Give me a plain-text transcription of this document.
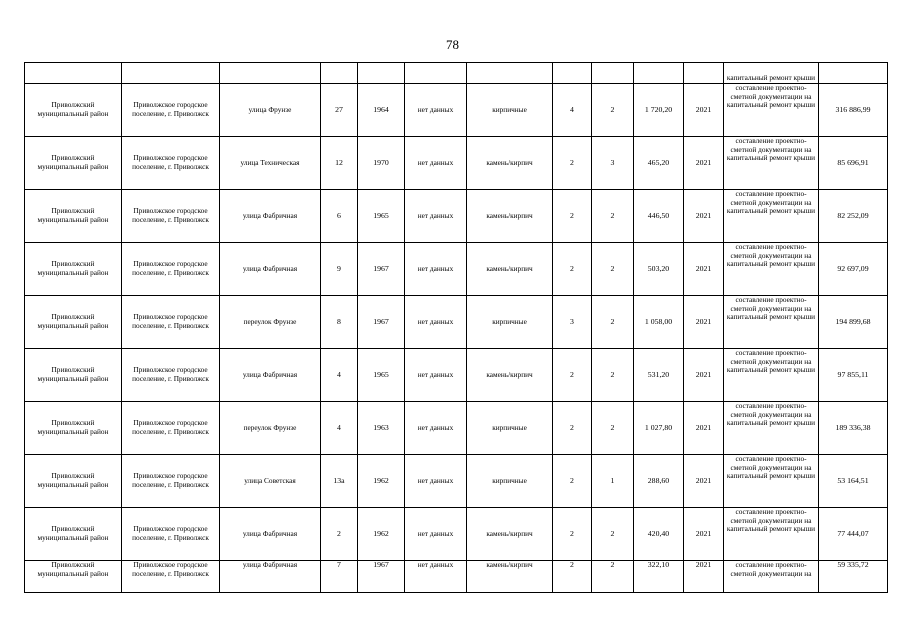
78
											капитальный ремонт крыши	
Приволжский муниципальный район	Приволжское городское поселение, г. Приволжск	улица Фрунзе	27	1964	нет данных	кирпичные	4	2	1 720,20	2021	составление проектно-сметной документации на капитальный ремонт крыши	316 886,99
Приволжский муниципальный район	Приволжское городское поселение, г. Приволжск	улица Техническая	12	1970	нет данных	камень/кирпич	2	3	465,20	2021	составление проектно-сметной документации на капитальный ремонт крыши	85 696,91
Приволжский муниципальный район	Приволжское городское поселение, г. Приволжск	улица Фабричная	6	1965	нет данных	камень/кирпич	2	2	446,50	2021	составление проектно-сметной документации на капитальный ремонт крыши	82 252,09
Приволжский муниципальный район	Приволжское городское поселение, г. Приволжск	улица Фабричная	9	1967	нет данных	камень/кирпич	2	2	503,20	2021	составление проектно-сметной документации на капитальный ремонт крыши	92 697,09
Приволжский муниципальный район	Приволжское городское поселение, г. Приволжск	переулок Фрунзе	8	1967	нет данных	кирпичные	3	2	1 058,00	2021	составление проектно-сметной документации на капитальный ремонт крыши	194 899,68
Приволжский муниципальный район	Приволжское городское поселение, г. Приволжск	улица Фабричная	4	1965	нет данных	камень/кирпич	2	2	531,20	2021	составление проектно-сметной документации на капитальный ремонт крыши	97 855,11
Приволжский муниципальный район	Приволжское городское поселение, г. Приволжск	переулок Фрунзе	4	1963	нет данных	кирпичные	2	2	1 027,80	2021	составление проектно-сметной документации на капитальный ремонт крыши	189 336,38
Приволжский муниципальный район	Приволжское городское поселение, г. Приволжск	улица Советская	13а	1962	нет данных	кирпичные	2	1	288,60	2021	составление проектно-сметной документации на капитальный ремонт крыши	53 164,51
Приволжский муниципальный район	Приволжское городское поселение, г. Приволжск	улица Фабричная	2	1962	нет данных	камень/кирпич	2	2	420,40	2021	составление проектно-сметной документации на капитальный ремонт крыши	77 444,07
Приволжский муниципальный район	Приволжское городское поселение, г. Приволжск	улица Фабричная	7	1967	нет данных	камень/кирпич	2	2	322,10	2021	составление проектно-сметной документации на	59 335,72
